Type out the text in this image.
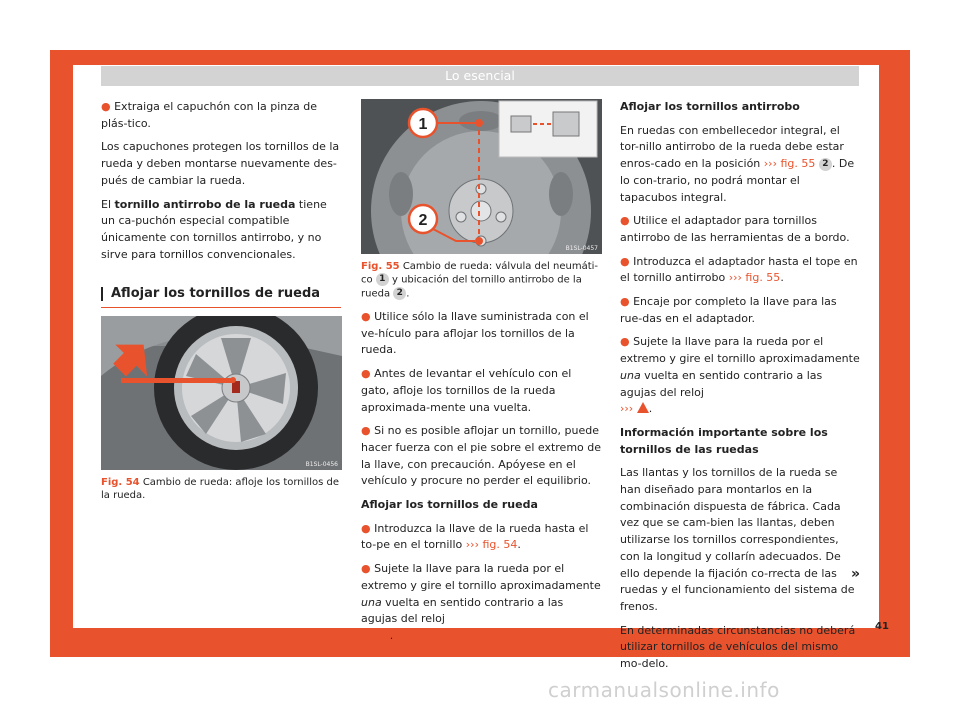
Lo esencial

● Extraiga el capuchón con la pinza de plás-tico.

Los capuchones protegen los tornillos de la rueda y deben montarse nuevamente des-pués de cambiar la rueda.

El tornillo antirrobo de la rueda tiene un ca-puchón especial compatible únicamente con tornillos antirrobo, y no sirve para tornillos convencionales.

Aflojar los tornillos de rueda
B1SL-0456
Fig. 54 Cambio de rueda: afloje los tornillos de la rueda.
1
2
B1SL-0457
Fig. 55 Cambio de rueda: válvula del neumáti-co 1 y ubicación del tornillo antirrobo de la rueda 2 .

● Utilice sólo la llave suministrada con el ve-hículo para aflojar los tornillos de la rueda.

● Antes de levantar el vehículo con el gato, afloje los tornillos de la rueda aproximada-mente una vuelta.

● Si no es posible aflojar un tornillo, puede hacer fuerza con el pie sobre el extremo de la llave, con precaución. Apóyese en el vehículo y procure no perder el equilibrio.

Aflojar los tornillos de rueda

● Introduzca la llave de la rueda hasta el to-pe en el tornillo ››› fig. 54.

● Sujete la llave para la rueda por el extremo y gire el tornillo aproximadamente una vuelta en sentido contrario a las agujas del reloj
››› .

Aflojar los tornillos antirrobo

En ruedas con embellecedor integral, el tor-nillo antirrobo de la rueda debe estar enros-cado en la posición ››› fig. 55 2 . De lo con-trario, no podrá montar el tapacubos integral.

● Utilice el adaptador para tornillos antirrobo de las herramientas de a bordo.

● Introduzca el adaptador hasta el tope en el tornillo antirrobo ››› fig. 55.

● Encaje por completo la llave para las rue-das en el adaptador.

● Sujete la llave para la rueda por el extremo y gire el tornillo aproximadamente una vuelta en sentido contrario a las agujas del reloj
››› .

Información importante sobre los tornillos de las ruedas

Las llantas y los tornillos de la rueda se han diseñado para montarlos en la combinación dispuesta de fábrica. Cada vez que se cam-bien las llantas, deben utilizarse los tornillos correspondientes, con la longitud y collarín adecuados. De ello depende la fijación co-rrecta de las ruedas y el funcionamiento del sistema de frenos.

En determinadas circunstancias no deberá utilizar tornillos de vehículos del mismo mo-delo.

»
41
carmanualsonline.info
